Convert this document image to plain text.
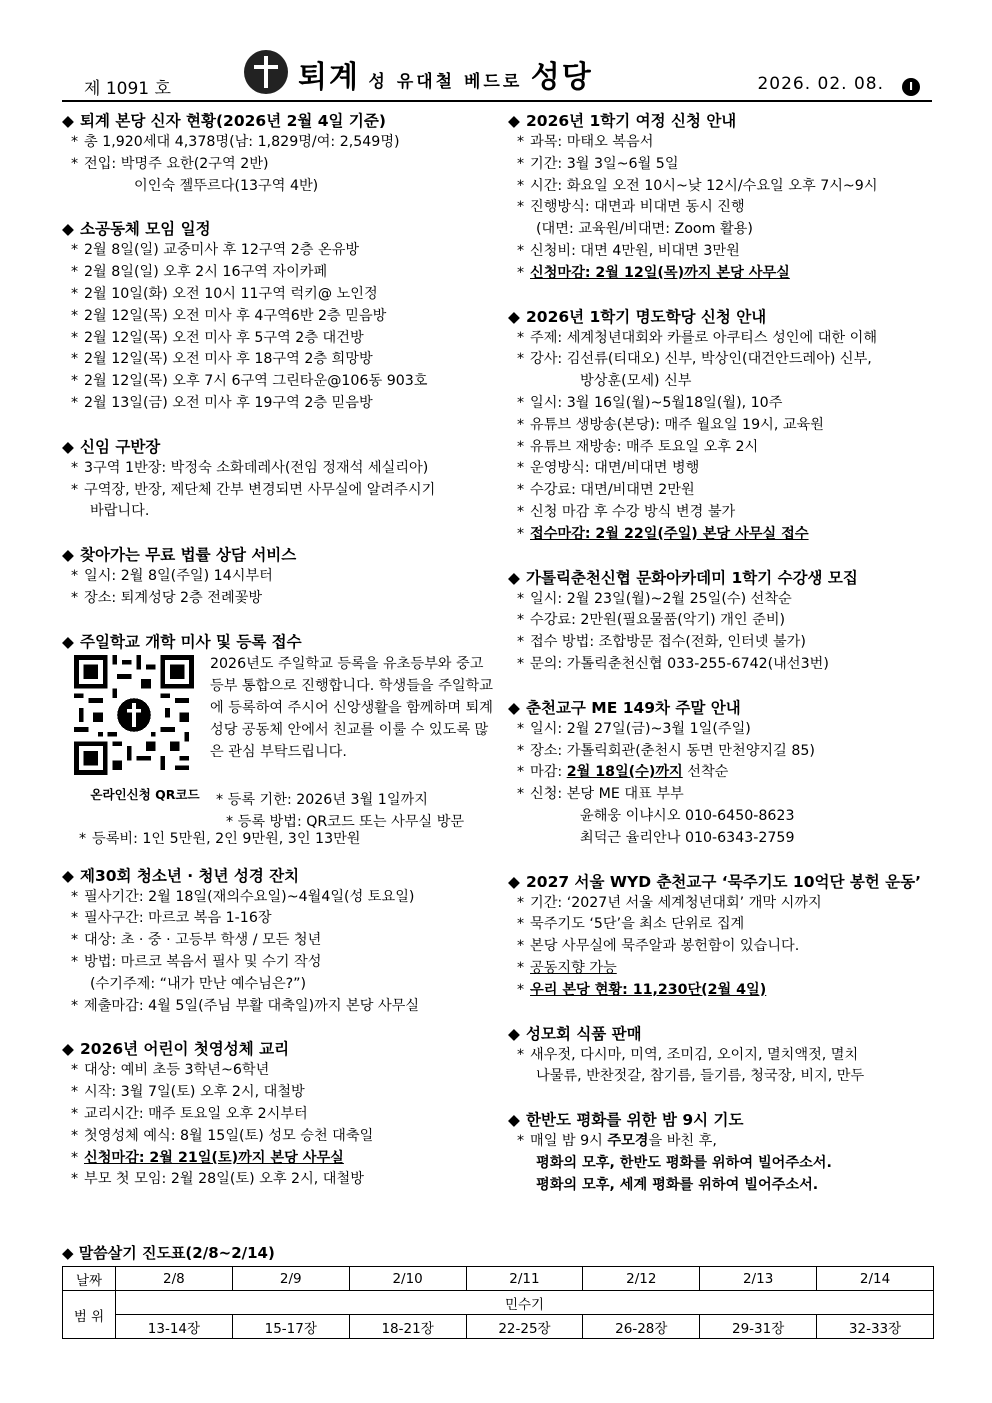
제 1091 호	퇴계 성 유대철 베드로 성당	2026. 02. 08.	I
◆ 퇴계 본당 신자 현황(2026년 2월 4일 기준)
* 총 1,920세대 4,378명(남: 1,829명/여: 2,549명)
* 전입: 박명주 요한(2구역 2반)
이인숙 젤뚜르다(13구역 4반)
◆ 소공동체 모임 일정
* 2월 8일(일) 교중미사 후 12구역 2층 온유방
* 2월 8일(일) 오후 2시 16구역 자이카페
* 2월 10일(화) 오전 10시 11구역 럭키@ 노인정
* 2월 12일(목) 오전 미사 후 4구역6반 2층 믿음방
* 2월 12일(목) 오전 미사 후 5구역 2층 대건방
* 2월 12일(목) 오전 미사 후 18구역 2층 희망방
* 2월 12일(목) 오후 7시 6구역 그린타운@106동 903호
* 2월 13일(금) 오전 미사 후 19구역 2층 믿음방
◆ 신임 구반장
* 3구역 1반장: 박정숙 소화데레사(전임 정재석 세실리아)
* 구역장, 반장, 제단체 간부 변경되면 사무실에 알려주시기
바랍니다.
◆ 찾아가는 무료 법률 상담 서비스
* 일시: 2월 8일(주일) 14시부터
* 장소: 퇴계성당 2층 전례꽃방
◆ 주일학교 개학 미사 및 등록 접수
온라인신청 QR코드
2026년도 주일학교 등록을 유초등부와 중고등부 통합으로 진행합니다. 학생들을 주일학교에 등록하여 주시어 신앙생활을 함께하며 퇴계성당 공동체 안에서 친교를 이룰 수 있도록 많은 관심 부탁드립니다.
* 등록 기한: 2026년 3월 1일까지
* 등록 방법: QR코드 또는 사무실 방문
* 등록비: 1인 5만원, 2인 9만원, 3인 13만원
◆ 제30회 청소년 · 청년 성경 잔치
* 필사기간: 2월 18일(재의수요일)~4월4일(성 토요일)
* 필사구간: 마르코 복음 1-16장
* 대상: 초 · 중 · 고등부 학생 / 모든 청년
* 방법: 마르코 복음서 필사 및 수기 작성
(수기주제: “내가 만난 예수님은?”)
* 제출마감: 4월 5일(주님 부활 대축일)까지 본당 사무실
◆ 2026년 어린이 첫영성체 교리
* 대상: 예비 초등 3학년~6학년
* 시작: 3월 7일(토) 오후 2시, 대철방
* 교리시간: 매주 토요일 오후 2시부터
* 첫영성체 예식: 8월 15일(토) 성모 승천 대축일
* 신청마감: 2월 21일(토)까지 본당 사무실
* 부모 첫 모임: 2월 28일(토) 오후 2시, 대철방
◆ 2026년 1학기 여정 신청 안내
* 과목: 마태오 복음서
* 기간: 3월 3일~6월 5일
* 시간: 화요일 오전 10시~낮 12시/수요일 오후 7시~9시
* 진행방식: 대면과 비대면 동시 진행
(대면: 교육원/비대면: Zoom 활용)
* 신청비: 대면 4만원, 비대면 3만원
* 신청마감: 2월 12일(목)까지 본당 사무실
◆ 2026년 1학기 명도학당 신청 안내
* 주제: 세계청년대회와 카를로 아쿠티스 성인에 대한 이해
* 강사: 김선류(티대오) 신부, 박상인(대건안드레아) 신부,
방상훈(모세) 신부
* 일시: 3월 16일(월)~5월18일(월), 10주
* 유튜브 생방송(본당): 매주 월요일 19시, 교육원
* 유튜브 재방송: 매주 토요일 오후 2시
* 운영방식: 대면/비대면 병행
* 수강료: 대면/비대면 2만원
* 신청 마감 후 수강 방식 변경 불가
* 접수마감: 2월 22일(주일) 본당 사무실 접수
◆ 가톨릭춘천신협 문화아카데미 1학기 수강생 모집
* 일시: 2월 23일(월)~2월 25일(수) 선착순
* 수강료: 2만원(필요물품(악기) 개인 준비)
* 접수 방법: 조합방문 접수(전화, 인터넷 불가)
* 문의: 가톨릭춘천신협 033-255-6742(내선3번)
◆ 춘천교구 ME 149차 주말 안내
* 일시: 2월 27일(금)~3월 1일(주일)
* 장소: 가톨릭회관(춘천시 동면 만천양지길 85)
* 마감: 2월 18일(수)까지 선착순
* 신청: 본당 ME 대표 부부
윤해웅 이냐시오 010-6450-8623
최덕근 율리안나 010-6343-2759
◆ 2027 서울 WYD 춘천교구 ‘묵주기도 10억단 봉헌 운동’
* 기간: ‘2027년 서울 세계청년대회’ 개막 시까지
* 묵주기도 ‘5단’을 최소 단위로 집계
* 본당 사무실에 묵주알과 봉헌함이 있습니다.
* 공동지향 가능
* 우리 본당 현황: 11,230단(2월 4일)
◆ 성모회 식품 판매
* 새우젓, 다시마, 미역, 조미김, 오이지, 멸치액젓, 멸치
나물류, 반찬젓갈, 참기름, 들기름, 청국장, 비지, 만두
◆ 한반도 평화를 위한 밤 9시 기도
* 매일 밤 9시 주모경을 바친 후,
평화의 모후, 한반도 평화를 위하여 빌어주소서.
평화의 모후, 세계 평화를 위하여 빌어주소서.
◆ 말씀살기 진도표(2/8~2/14)
날짜	2/8	2/9	2/10	2/11	2/12	2/13	2/14
범 위	민수기						
	13-14장	15-17장	18-21장	22-25장	26-28장	29-31장	32-33장
